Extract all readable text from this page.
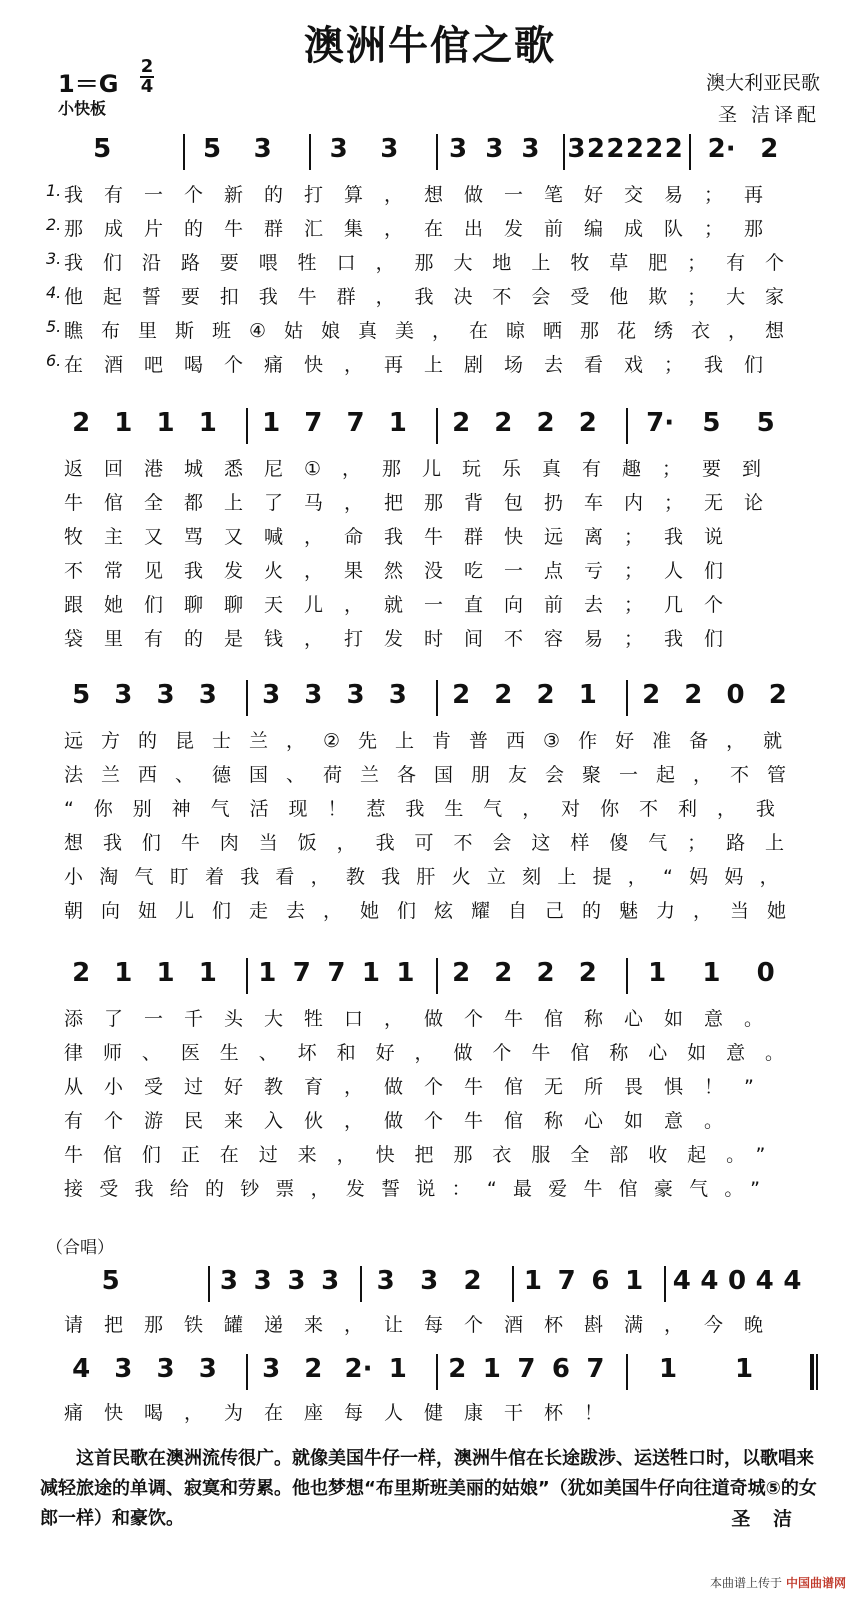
澳洲牛倌之歌
1＝G
2
4
小快板
澳大利亚民歌
圣 洁译配
5	5 3 3 3 3 3 3 3 2 2 2 2 2 2· 2
1. 我有一个新的打算，想做一笔好交易；再
2. 那成片的牛群汇集，在出发前编成队；那
3. 我们沿路要喂牲口，那大地上牧草肥；有个
4. 他起誓要扣我牛群，我决不会受他欺；大家
5. 瞧布里斯班④姑娘真美，在晾晒那花绣衣，想
6. 在酒吧喝个痛快，再上剧场去看戏；我们
2 1 1 1 1 7 7 1 2 2 2 2 7· 5 5
返回港城悉尼①，那儿玩乐真有趣；要到
牛倌全都上了马，把那背包扔车内；无论
牧主又骂又喊，命我牛群快远离；我说
不常见我发火，果然没吃一点亏；人们
跟她们聊聊天儿，就一直向前去；几个
袋里有的是钱，打发时间不容易；我们
5 3 3 3 3 3 3 3 2 2 2 1 2 2 0 2
远方的昆士兰，②先上肯普西③作好准备，就
法兰西、德国、荷兰各国朋友会聚一起，不管
“你别神气活现！惹我生气，对你不利，我
想我们牛肉当饭，我可不会这样傻气；路上
小淘气盯着我看，教我肝火立刻上提，“妈妈，
朝向妞儿们走去，她们炫耀自己的魅力，当她
2 1 1 1 1 7 7 1 1 2 2 2 2 1 1 0
添了一千头大牲口，做个牛倌称心如意。
律师、医生、坏和好，做个牛倌称心如意。
从小受过好教育，做个牛倌无所畏惧！”
有个游民来入伙，做个牛倌称心如意。
牛倌们正在过来，快把那衣服全部收起。”
接受我给的钞票，发誓说：“最爱牛倌豪气。”
5	3 3 3 3 3 3 2 1 7 6 1 4 4 0 4 4
请把那铁罐递来，让每个酒杯斟满，今晚
4 3 3 3 3 2 2· 1 2 1 7 6 7 1 1
痛快喝，为在座每人健康干杯！
（合唱）

这首民歌在澳洲流传很广。就像美国牛仔一样，澳洲牛倌在长途跋涉、运送牲口时，以歌唱来减轻旅途的单调、寂寞和劳累。他也梦想“布里斯班美丽的姑娘”（犹如美国牛仔向往道奇城⑤的女郎一样）和豪饮。	圣 洁
本曲谱上传于 中国曲谱网
